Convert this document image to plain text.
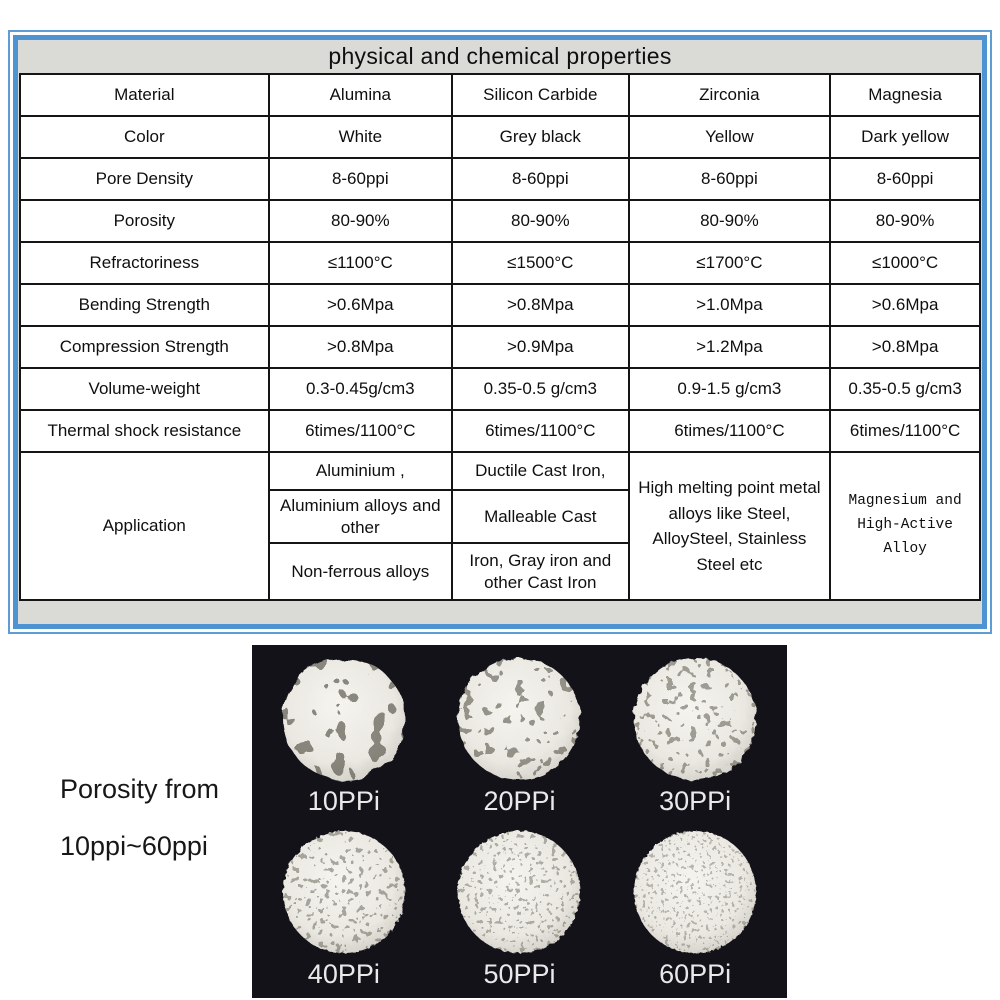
physical and chemical properties
Material	Alumina	Silicon Carbide	Zirconia	Magnesia
Color	White	Grey black	Yellow	Dark yellow
Pore Density	8-60ppi	8-60ppi	8-60ppi	8-60ppi
Porosity	80-90%	80-90%	80-90%	80-90%
Refractoriness	≤1100°C	≤1500°C	≤1700°C	≤1000°C
Bending Strength	>0.6Mpa	>0.8Mpa	>1.0Mpa	>0.6Mpa
Compression Strength	>0.8Mpa	>0.9Mpa	>1.2Mpa	>0.8Mpa
Volume-weight	0.3-0.45g/cm3	0.35-0.5 g/cm3	0.9-1.5 g/cm3	0.35-0.5 g/cm3
Thermal shock resistance	6times/1100°C	6times/1100°C	6times/1100°C	6times/1100°C
Application	Aluminium ,	Ductile Cast Iron,	High melting point metal alloys like Steel, AlloySteel, Stainless Steel etc	Magnesium and High-Active Alloy
	Aluminium alloys and other	Malleable Cast		
	Non-ferrous alloys	Iron, Gray iron and other Cast Iron		
Porosity from
10ppi~60ppi
10PPi	20PPi	30PPi
40PPi	50PPi	60PPi
